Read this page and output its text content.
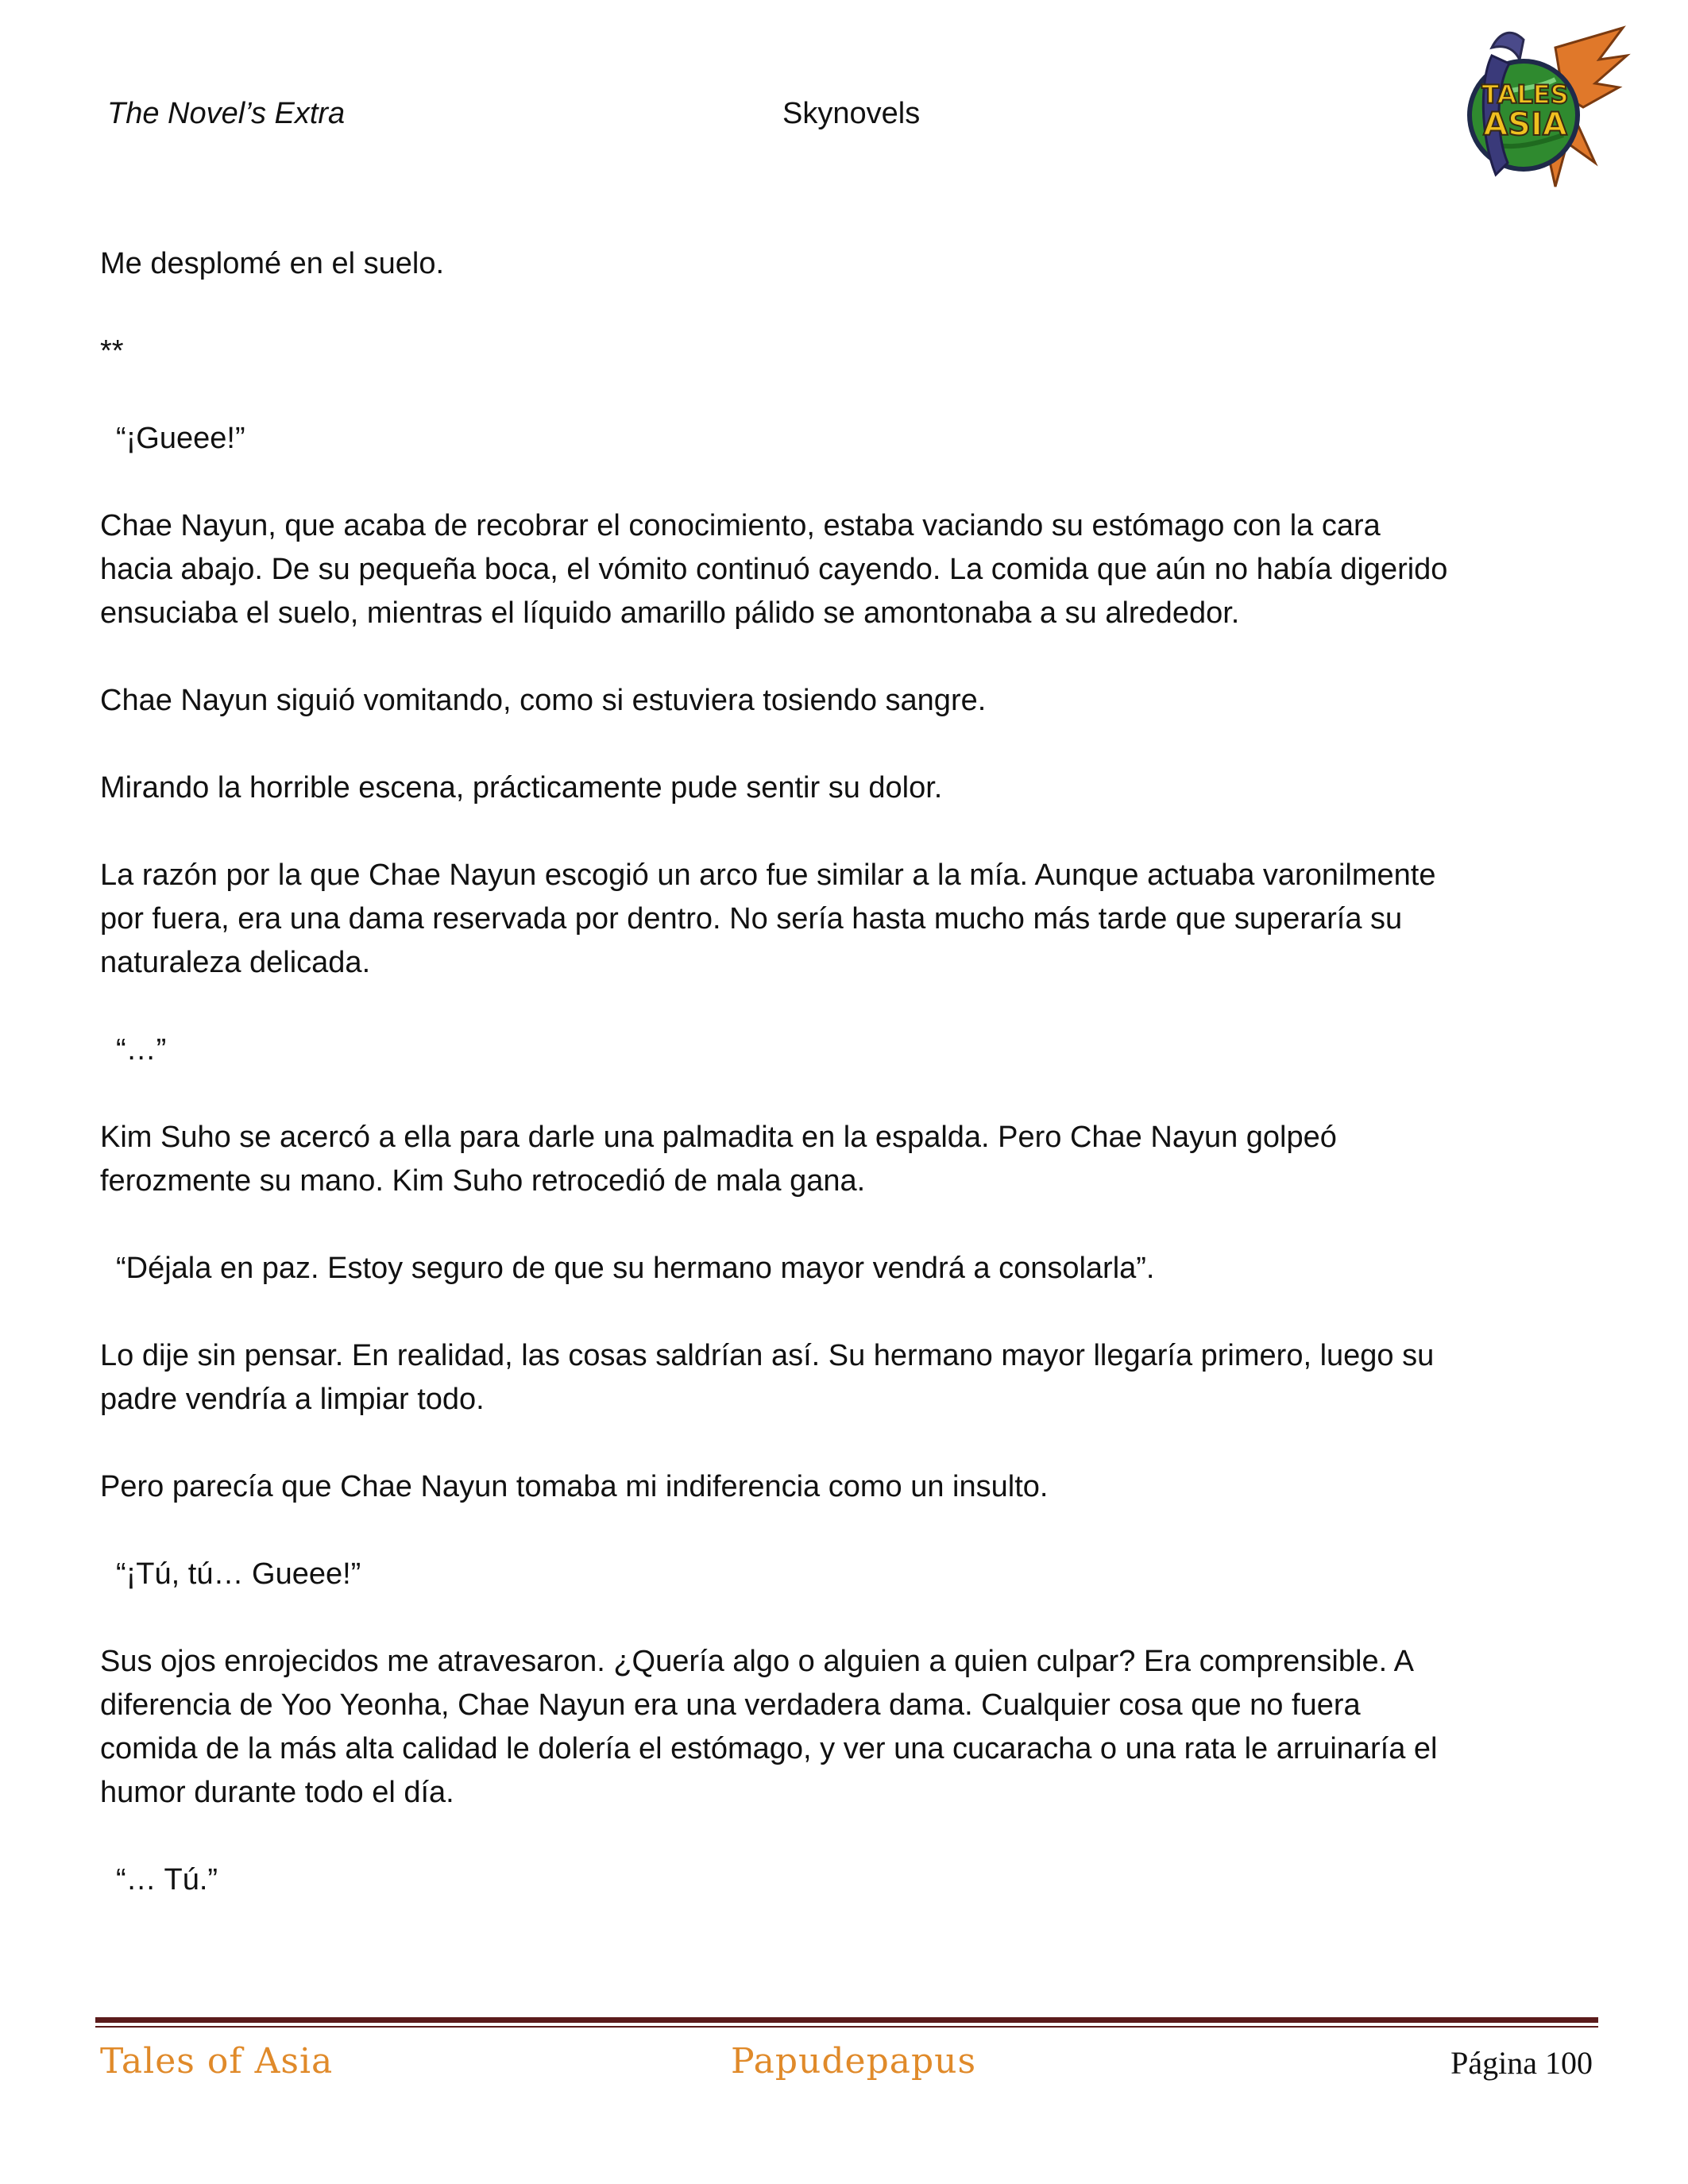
The Novel’s Extra	Skynovels
TALES
ASIA
Me desplomé en el suelo.
**
“¡Gueee!”
Chae Nayun, que acaba de recobrar el conocimiento, estaba vaciando su estómago con la cara
hacia abajo. De su pequeña boca, el vómito continuó cayendo. La comida que aún no había digerido
ensuciaba el suelo, mientras el líquido amarillo pálido se amontonaba a su alrededor.
Chae Nayun siguió vomitando, como si estuviera tosiendo sangre.
Mirando la horrible escena, prácticamente pude sentir su dolor.
La razón por la que Chae Nayun escogió un arco fue similar a la mía. Aunque actuaba varonilmente
por fuera, era una dama reservada por dentro. No sería hasta mucho más tarde que superaría su
naturaleza delicada.
“…”
Kim Suho se acercó a ella para darle una palmadita en la espalda. Pero Chae Nayun golpeó
ferozmente su mano. Kim Suho retrocedió de mala gana.
“Déjala en paz. Estoy seguro de que su hermano mayor vendrá a consolarla”.
Lo dije sin pensar. En realidad, las cosas saldrían así. Su hermano mayor llegaría primero, luego su
padre vendría a limpiar todo.
Pero parecía que Chae Nayun tomaba mi indiferencia como un insulto.
“¡Tú, tú… Gueee!”
Sus ojos enrojecidos me atravesaron. ¿Quería algo o alguien a quien culpar? Era comprensible. A
diferencia de Yoo Yeonha, Chae Nayun era una verdadera dama. Cualquier cosa que no fuera
comida de la más alta calidad le dolería el estómago, y ver una cucaracha o una rata le arruinaría el
humor durante todo el día.
“… Tú.”
Tales of Asia	Papudepapus	Página 100
